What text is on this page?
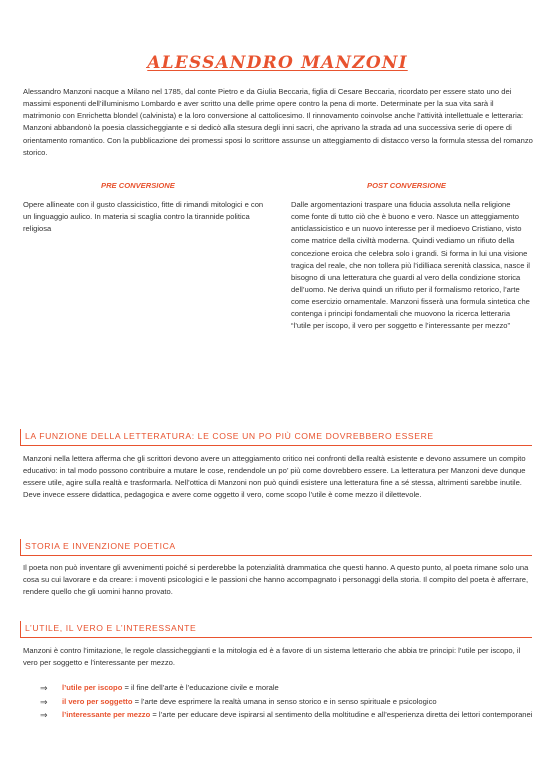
ALESSANDRO MANZONI

Alessandro Manzoni nacque a Milano nel 1785, dal conte Pietro e da Giulia Beccaria, figlia di Cesare Beccaria, ricordato per essere stato uno dei massimi esponenti dell’illuminismo Lombardo e aver scritto una delle prime opere contro la pena di morte. Determinate per la sua vita sarà il matrimonio con Enrichetta blondel (calvinista) e la loro conversione al cattolicesimo. Il rinnovamento coinvolse anche l’attività intellettuale e letteraria: Manzoni abbandonò la poesia classicheggiante e si dedicò alla stesura degli inni sacri, che aprivano la strada ad una successiva serie di opere di orientamento romantico. Con la pubblicazione dei promessi sposi lo scrittore assunse un atteggiamento di distacco verso la formula stessa del romanzo storico.

PRE CONVERSIONE	POST CONVERSIONE

Opere allineate con il gusto classicistico, fitte di rimandi mitologici e con un linguaggio aulico. In materia si scaglia contro la tirannide politica religiosa

Dalle argomentazioni traspare una fiducia assoluta nella religione come fonte di tutto ciò che è buono e vero. Nasce un atteggiamento anticlassicistico e un nuovo interesse per il medioevo Cristiano, visto come matrice della civiltà moderna. Quindi vediamo un rifiuto della concezione eroica che celebra solo i grandi. Si forma in lui una visione tragica del reale, che non tollera più l’idilliaca serenità classica, nasce il bisogno di una letteratura che guardi al vero della condizione storica dell’uomo. Ne deriva quindi un rifiuto per il formalismo retorico, l’arte come esercizio ornamentale. Manzoni fisserà una formula sintetica che contenga i principi fondamentali che muovono la ricerca letteraria “l’utile per iscopo, il vero per soggetto e l’interessante per mezzo”

LA FUNZIONE DELLA LETTERATURA: LE COSE UN PO PIÙ COME DOVREBBERO ESSERE

Manzoni nella lettera afferma che gli scrittori devono avere un atteggiamento critico nei confronti della realtà esistente e devono assumere un compito educativo: in tal modo possono contribuire a mutare le cose, rendendole un po’ più come dovrebbero essere. La letteratura per Manzoni deve dunque essere utile, agire sulla realtà e trasformarla. Nell’ottica di Manzoni non può quindi esistere una letteratura fine a sé stessa, altrimenti sarebbe inutile. Deve invece essere didattica, pedagogica e avere come oggetto il vero, come scopo l’utile è come mezzo il dilettevole.

STORIA E INVENZIONE POETICA

Il poeta non può inventare gli avvenimenti poiché si perderebbe la potenzialità drammatica che questi hanno. A questo punto, al poeta rimane solo una cosa su cui lavorare e da creare: i moventi psicologici e le passioni che hanno accompagnato i personaggi della storia. Il compito del poeta è afferrare, rendere quello che gli uomini hanno provato.

L’UTILE, IL VERO E L’INTERESSANTE

Manzoni è contro l’imitazione, le regole classicheggianti e la mitologia ed è a favore di un sistema letterario che abbia tre principi: l’utile per iscopo, il vero per soggetto e l’interessante per mezzo.

⇒	l’utile per iscopo = il fine dell’arte è l’educazione civile e morale
⇒	il vero per soggetto = l’arte deve esprimere la realtà umana in senso storico e in senso spirituale e psicologico
⇒	l’interessante per mezzo = l’arte per educare deve ispirarsi al sentimento della moltitudine e all’esperienza diretta dei lettori contemporanei
